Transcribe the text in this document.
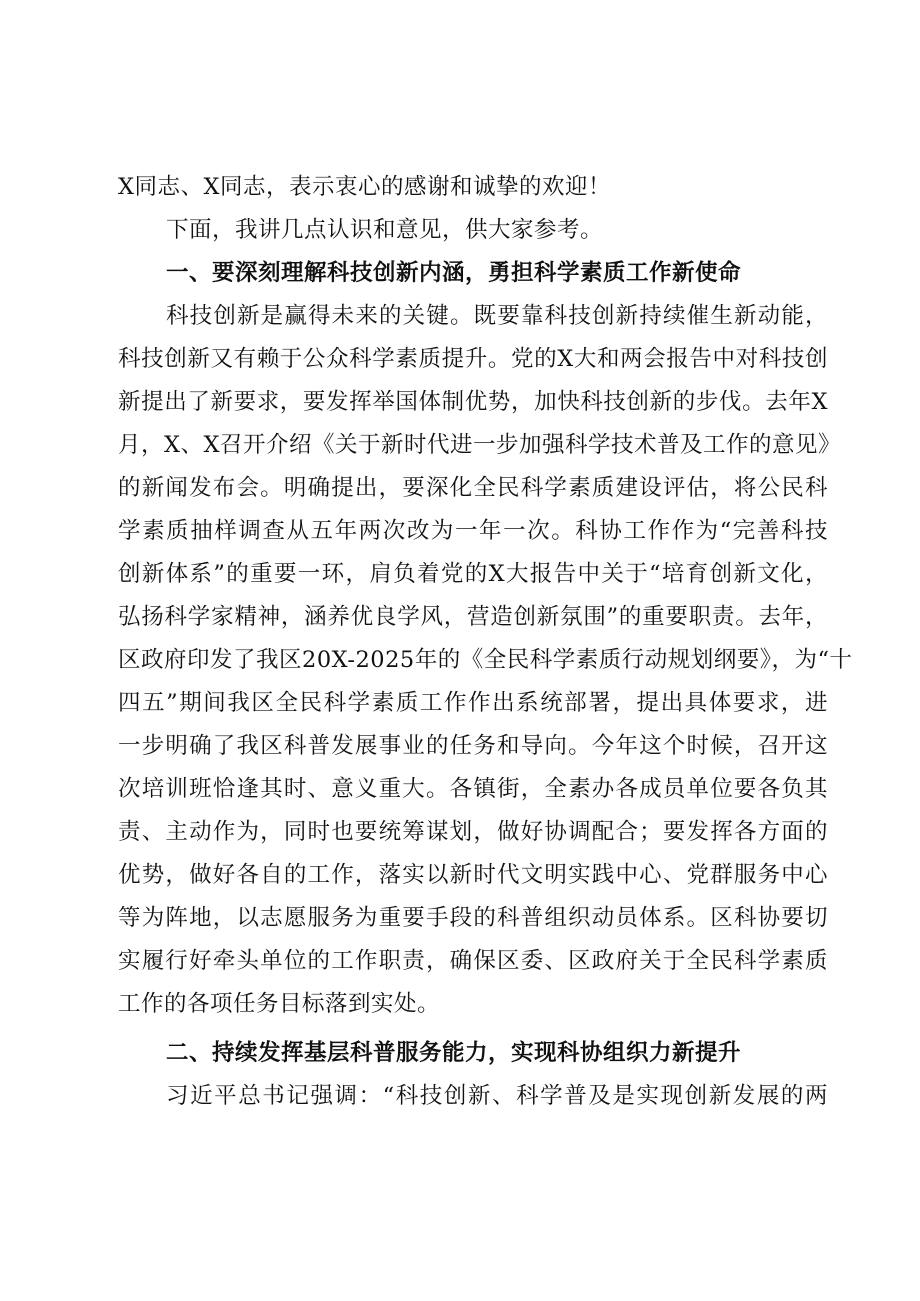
X同志、X同志，表示衷心的感谢和诚挚的欢迎！
下面，我讲几点认识和意见，供大家参考。
一、要深刻理解科技创新内涵，勇担科学素质工作新使命
科技创新是赢得未来的关键。既要靠科技创新持续催生新动能，
科技创新又有赖于公众科学素质提升。党的X大和两会报告中对科技创
新提出了新要求，要发挥举国体制优势，加快科技创新的步伐。去年X
月，X、X召开介绍《关于新时代进一步加强科学技术普及工作的意见》
的新闻发布会。明确提出，要深化全民科学素质建设评估，将公民科
学素质抽样调查从五年两次改为一年一次。科协工作作为“完善科技
创新体系”的重要一环，肩负着党的X大报告中关于“培育创新文化，
弘扬科学家精神，涵养优良学风，营造创新氛围”的重要职责。去年，
区政府印发了我区20X-2025年的《全民科学素质行动规划纲要》，为“十
四五”期间我区全民科学素质工作作出系统部署，提出具体要求，进
一步明确了我区科普发展事业的任务和导向。今年这个时候，召开这
次培训班恰逢其时、意义重大。各镇街，全素办各成员单位要各负其
责、主动作为，同时也要统筹谋划，做好协调配合；要发挥各方面的
优势，做好各自的工作，落实以新时代文明实践中心、党群服务中心
等为阵地，以志愿服务为重要手段的科普组织动员体系。区科协要切
实履行好牵头单位的工作职责，确保区委、区政府关于全民科学素质
工作的各项任务目标落到实处。
二、持续发挥基层科普服务能力，实现科协组织力新提升
习近平总书记强调：“科技创新、科学普及是实现创新发展的两
